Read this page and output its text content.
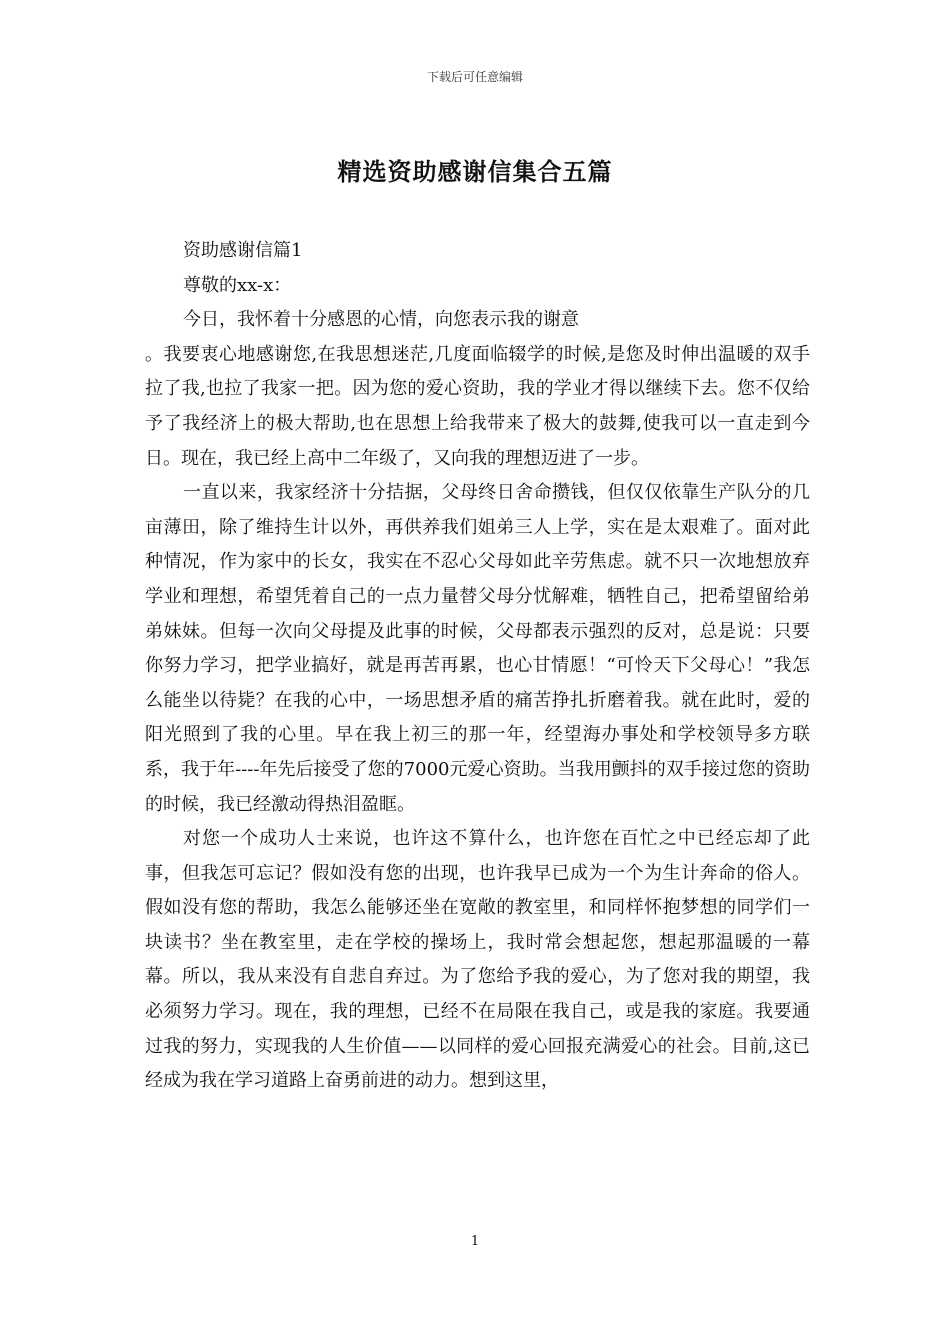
下载后可任意编辑
精选资助感谢信集合五篇

资助感谢信篇1

尊敬的xx-x：

今日，我怀着十分感恩的心情，向您表示我的谢意

。我要衷心地感谢您,在我思想迷茫,几度面临辍学的时候,是您及时伸出温暖的双手拉了我,也拉了我家一把。因为您的爱心资助，我的学业才得以继续下去。您不仅给予了我经济上的极大帮助,也在思想上给我带来了极大的鼓舞,使我可以一直走到今日。现在，我已经上高中二年级了，又向我的理想迈进了一步。

一直以来，我家经济十分拮据，父母终日舍命攒钱，但仅仅依靠生产队分的几亩薄田，除了维持生计以外，再供养我们姐弟三人上学，实在是太艰难了。面对此种情况，作为家中的长女，我实在不忍心父母如此辛劳焦虑。就不只一次地想放弃学业和理想，希望凭着自己的一点力量替父母分忧解难，牺牲自己，把希望留给弟弟妹妹。但每一次向父母提及此事的时候，父母都表示强烈的反对，总是说：只要你努力学习，把学业搞好，就是再苦再累，也心甘情愿！“可怜天下父母心！”我怎么能坐以待毙？在我的心中，一场思想矛盾的痛苦挣扎折磨着我。就在此时，爱的阳光照到了我的心里。早在我上初三的那一年，经望海办事处和学校领导多方联系，我于年----年先后接受了您的7000元爱心资助。当我用颤抖的双手接过您的资助的时候，我已经激动得热泪盈眶。

对您一个成功人士来说，也许这不算什么，也许您在百忙之中已经忘却了此事，但我怎可忘记？假如没有您的出现，也许我早已成为一个为生计奔命的俗人。假如没有您的帮助，我怎么能够还坐在宽敞的教室里，和同样怀抱梦想的同学们一块读书？坐在教室里，走在学校的操场上，我时常会想起您，想起那温暖的一幕幕。所以，我从来没有自悲自弃过。为了您给予我的爱心，为了您对我的期望，我必须努力学习。现在，我的理想，已经不在局限在我自己，或是我的家庭。我要通过我的努力，实现我的人生价值——以同样的爱心回报充满爱心的社会。目前,这已经成为我在学习道路上奋勇前进的动力。想到这里，

1
